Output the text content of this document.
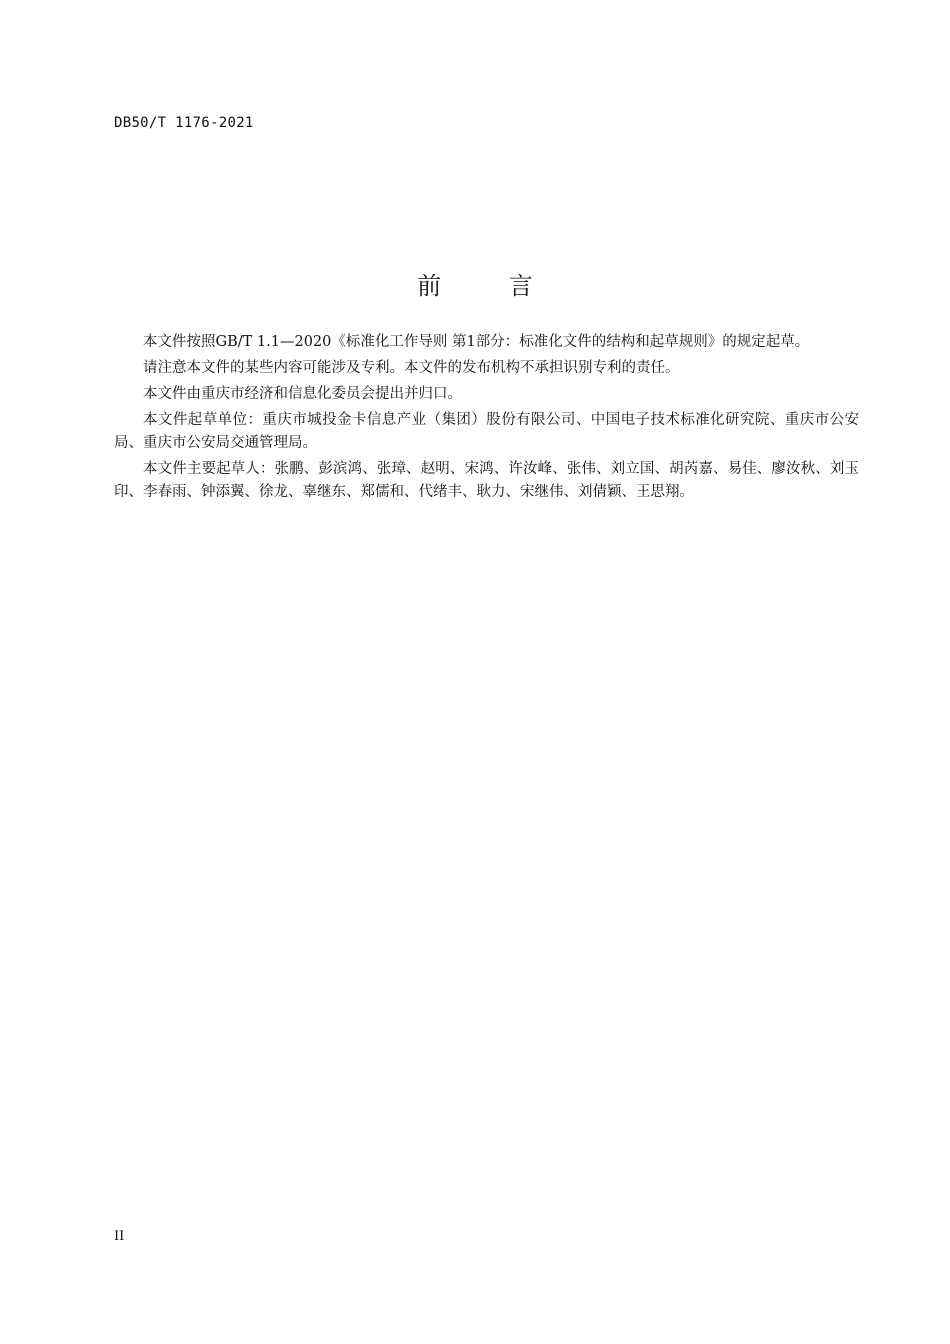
DB50/T 1176-2021
前 言

本文件按照GB/T 1.1—2020《标准化工作导则 第1部分：标准化文件的结构和起草规则》的规定起草。

请注意本文件的某些内容可能涉及专利。本文件的发布机构不承担识别专利的责任。

本文件由重庆市经济和信息化委员会提出并归口。

本文件起草单位：重庆市城投金卡信息产业（集团）股份有限公司、中国电子技术标准化研究院、重庆市公安局、重庆市公安局交通管理局。

本文件主要起草人：张鹏、彭滨鸿、张璋、赵明、宋鸿、许汝峰、张伟、刘立国、胡芮嘉、易佳、廖汝秋、刘玉印、李春雨、钟添翼、徐龙、辜继东、郑儒和、代绪丰、耿力、宋继伟、刘倩颖、王思翔。

II
